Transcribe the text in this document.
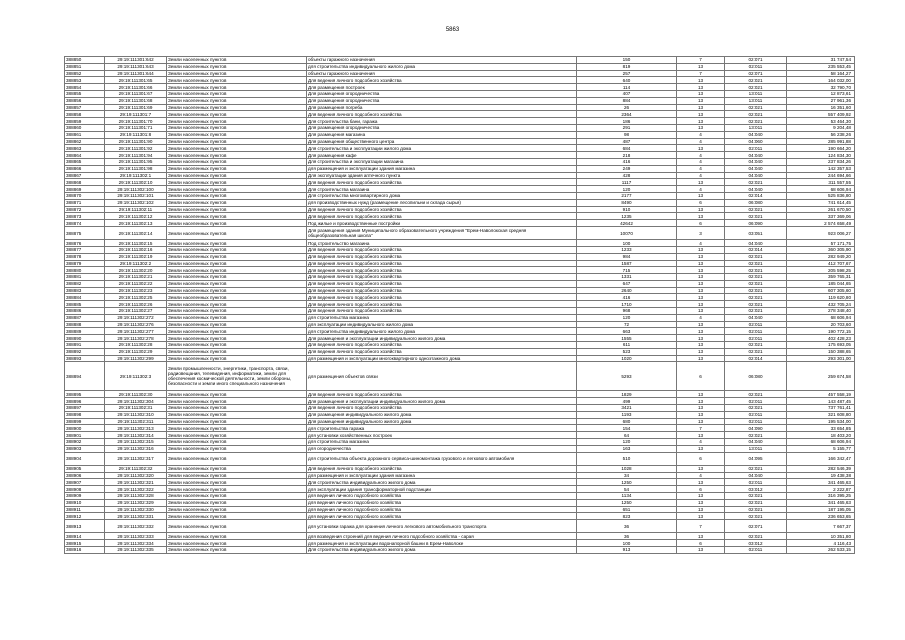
5863
388850	29:19:111301:642	Земли населенных пунктов	объекты гаражного назначения	150	7	02:071	31 747,54
388851	29:19:111301:643	Земли населенных пунктов	для строительства индивидуального жилого дома	819	13	02:011	235 553,45
388852	29:19:111301:644	Земли населенных пунктов	объекты гаражного назначения	257	7	02:071	58 164,27
388853	29:19:111301:65	Земли населенных пунктов	Для ведения личного подсобного хозяйства	640	13	02:021	164 032,00
388854	29:19:111301:66	Земли населенных пунктов	Для размещения построек	114	13	02:021	32 790,70
388855	29:19:111301:67	Земли населенных пунктов	Для размещения огородничества	407	13	13:011	12 873,61
388856	29:19:111301:68	Земли населенных пунктов	Для размещения огородничества	884	13	13:011	27 961,36
388857	29:19:111301:69	Земли населенных пунктов	Для размещения погреба	26	13	02:021	16 351,60
388858	29:19:111301:7	Земли населенных пунктов	Для ведения личного подсобного хозяйства	2364	13	02:021	557 409,92
388859	29:19:111301:70	Земли населенных пунктов	Для строительства бани, гаража	186	13	02:021	53 464,30
388860	29:19:111301:71	Земли населенных пунктов	Для размещения огородничества	291	13	13:011	9 204,48
388861	29:19:111301:8	Земли населенных пунктов	Для размещения магазина	98	4	04:040	56 238,26
388862	29:19:111301:90	Земли населенных пунктов	Для размещения общественного центра	487	4	04:060	285 991,88
388863	29:19:111301:92	Земли населенных пунктов	Для строительства и эксплуатации жилого дома	684	13	02:011	190 664,20
388864	29:19:111301:94	Земли населенных пунктов	Для размещения кафе	218	4	04:040	124 834,30
388865	29:19:111301:95	Земли населенных пунктов	Для строительства и эксплуатации магазина	416	4	04:040	237 834,26
388866	29:19:111301:98	Земли населенных пунктов	для размещения и эксплуатации здания магазина	249	4	04:040	142 357,53
388867	29:19:111302:1	Земли населенных пунктов	Для эксплуатации здания аптечного пункта	428	4	04:040	244 694,66
388868	29:19:111302:10	Земли населенных пунктов	Для ведения личного подсобного хозяйства	1117	13	02:021	311 557,55
388869	29:19:111302:100	Земли населенных пунктов	Для строительства магазина	120	4	04:040	68 606,94
388870	29:19:111302:101	Земли населенных пунктов	Для строительства многоквартирного дома	2177	13	02:014	525 836,80
388871	29:19:111302:102	Земли населенных пунктов	для производственных нужд (размещение лесопильни и склада сырья)	8490	6	06:080	741 614,45
388872	29:19:111302:11	Земли населенных пунктов	Для ведения личного подсобного хозяйства	910	13	02:021	261 670,50
388873	29:19:111302:12	Земли населенных пунктов	Для ведения личного подсобного хозяйства	1235	13	02:021	337 369,06
388874	29:19:111302:13	Земли населенных пунктов	Под жилые и производственные постройки	42642	6	06:090	2 574 658,49
388875	29:19:111302:14	Земли населенных пунктов	Для размещения здания Муниципального образовательного учреждения "Ерем-Наволокская средняя общеобразовательная школа"	10070	3	03:051	923 006,27
388876	29:19:111302:15	Земли населенных пунктов	Под строительство магазина	100	4	04:040	57 171,75
388877	29:19:111302:16	Земли населенных пунктов	Для ведения личного подсобного хозяйства	1233	13	02:014	360 305,90
388878	29:19:111302:19	Земли населенных пунктов	Для ведения личного подсобного хозяйства	984	13	02:021	282 949,20
388879	29:19:111302:2	Земли населенных пунктов	Для ведения личного подсобного хозяйства	1587	13	02:021	412 707,67
388880	29:19:111302:20	Земли населенных пунктов	Для ведения личного подсобного хозяйства	715	13	02:021	205 598,25
388881	29:19:111302:21	Земли населенных пунктов	Для ведения личного подсобного хозяйства	1331	13	02:021	359 765,31
388882	29:19:111302:22	Земли населенных пунктов	Для ведения личного подсобного хозяйства	647	13	02:021	185 044,65
388883	29:19:111302:23	Земли населенных пунктов	Для ведения личного подсобного хозяйства	2640	13	02:021	607 305,60
388884	29:19:111302:25	Земли населенных пунктов	Для ведения личного подсобного хозяйства	416	13	02:021	119 620,80
388885	29:19:111302:26	Земли населенных пунктов	Для ведения личного подсобного хозяйства	1710	13	02:021	432 705,24
388886	29:19:111302:27	Земли населенных пунктов	Для ведения личного подсобного хозяйства	968	13	02:021	278 348,40
388887	29:19:111302:272	Земли населенных пунктов	для строительства магазина	120	4	04:040	68 606,94
388888	29:19:111302:276	Земли населенных пунктов	для эксплуатации индивидуального жилого дома	72	13	02:011	20 703,60
388889	29:19:111302:277	Земли населенных пунктов	для строительства индивидуального жилого дома	663	13	02:011	190 772,15
388890	29:19:111302:278	Земли населенных пунктов	Для размещения и эксплуатации индивидуального жилого дома	1555	13	02:011	402 428,23
388891	29:19:111302:28	Земли населенных пунктов	Для ведения личного подсобного хозяйства	611	13	02:021	175 693,05
388892	29:19:111302:29	Земли населенных пунктов	Для ведения личного подсобного хозяйства	523	13	02:021	150 388,65
388893	29:19:111302:299	Земли населенных пунктов	для размещения и эксплуатации многоквартирного одноэтажного дома	1020	13	02:014	293 301,00
388894	29:19:111302:3	Земли промышленности, энергетики, транспорта, связи, радиовещания, телевидения, информатики, земли для обеспечения космической деятельности, земли обороны, безопасности и земли иного специального назначения	для размещения объектов связи	5293	6	06:080	259 674,58
388895	29:19:111302:30	Земли населенных пунктов	Для ведения личного подсобного хозяйства	1829	13	02:021	457 558,19
388896	29:19:111302:304	Земли населенных пунктов	Для размещения и эксплуатации индивидуального жилого дома	499	13	02:011	143 487,45
388897	29:19:111302:31	Земли населенных пунктов	Для ведения личного подсобного хозяйства	3421	13	02:021	737 761,41
388898	29:19:111302:310	Земли населенных пунктов	Для размещения индивидуального жилого дома	1193	13	02:011	321 608,80
388899	29:19:111302:311	Земли населенных пунктов	Для размещения индивидуального жилого дома	680	13	02:011	195 534,00
388900	29:19:111302:313	Земли населенных пунктов	для строительства гаража	154	7	04:090	33 654,85
388901	29:19:111302:314	Земли населенных пунктов	для установки хозяйственных построек	64	13	02:021	18 403,20
388902	29:19:111302:315	Земли населенных пунктов	для строительства магазина	120	4	04:040	68 606,94
388903	29:19:111302:316	Земли населенных пунктов	для огородничества	163	13	13:011	5 155,77
388904	29:19:111302:317	Земли населенных пунктов	для строительства объекта дорожного сервиса-шиномонтажа грузового и легкового автомобиля	510	6	04:095	166 342,47
388905	29:19:111302:32	Земли населенных пунктов	Для ведения личного подсобного хозяйства	1028	13	02:021	282 546,39
388906	29:19:111302:320	Земли населенных пунктов	для размещения и эксплуатации здания магазина	34	4	04:040	19 438,38
388907	29:19:111302:321	Земли населенных пунктов	Для строительства индивидуального жилого дома	1250	13	02:011	341 465,63
388908	29:19:111302:322	Земли населенных пунктов	для эксплуатации здания трансформаторной подстанции	54	6	03:012	2 222,87
388909	29:19:111302:328	Земли населенных пунктов	для ведения личного подсобного хозяйства	1134	13	02:021	316 395,25
388910	29:19:111302:329	Земли населенных пунктов	для ведения личного подсобного хозяйства	1250	13	02:021	341 465,63
388911	29:19:111302:330	Земли населенных пунктов	для ведения личного подсобного хозяйства	651	13	02:021	187 195,05
388912	29:19:111302:331	Земли населенных пунктов	для ведения личного подсобного хозяйства	823	13	02:021	236 653,65
388913	29:19:111302:332	Земли населенных пунктов	для установки гаража для хранения личного легкового автомобильного транспорта	36	7	02:071	7 667,37
388914	29:19:111302:333	Земли населенных пунктов	для возведения строений для ведения личного подсобного хозяйства - сарая	36	13	02:021	10 351,80
388915	29:19:111302:334	Земли населенных пунктов	для размещения и эксплуатации водонапорной башни в Ерем-Наволоке	100	6	03:012	4 116,43
388916	29:19:111302:335	Земли населенных пунктов	Для строительства индивидуального жилого дома	913	13	02:011	262 533,15
